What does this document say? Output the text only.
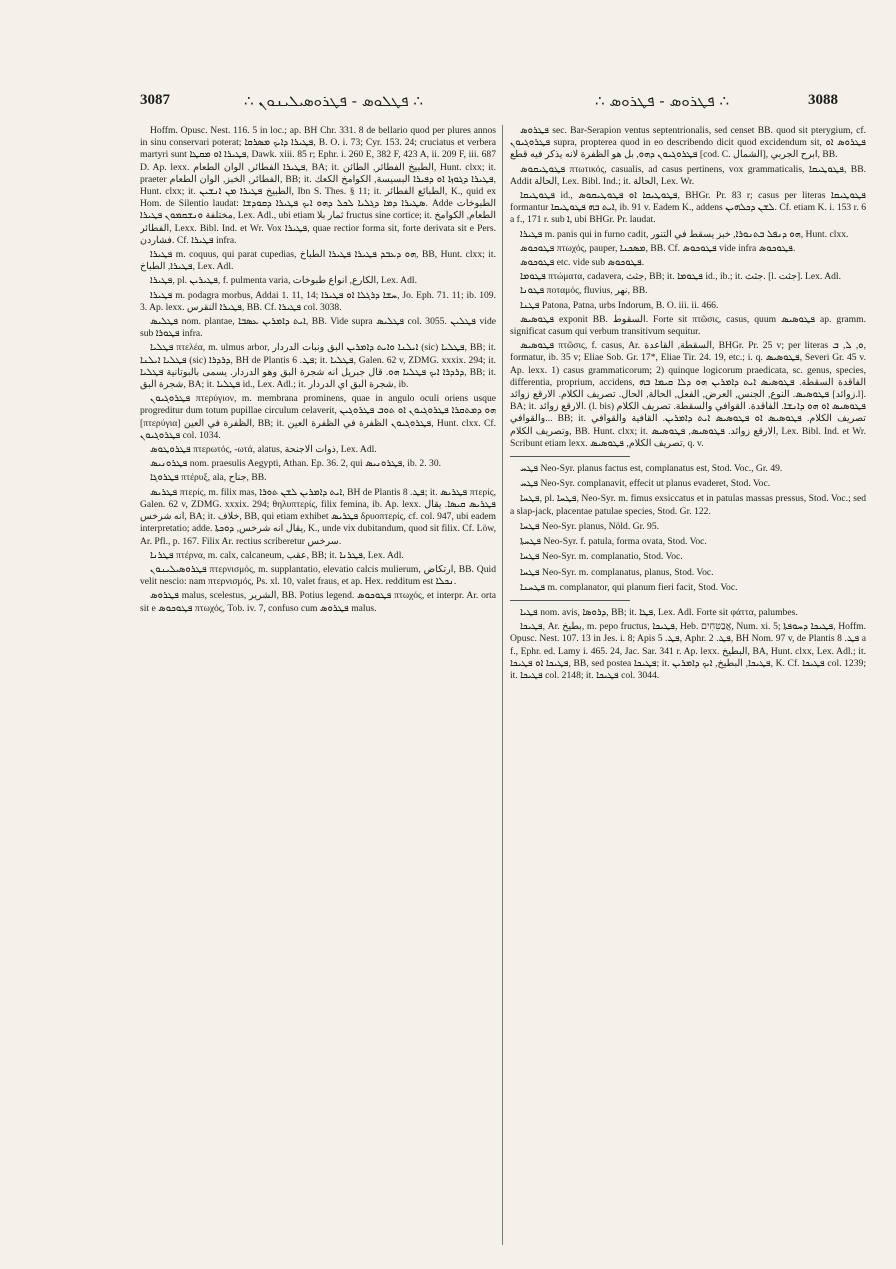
3087	∴ ܦܛܠܘܣ - ܦܛܪܘܣܝܠܝܢܘܢ ∴	∴ ܦܛܪܘܣ - ܦܛܪܘܣ ∴	3088

Hoffm. Opusc. Nest. 116. 5 in loc.; ap. BH Chr. 331. 8 de bellario quod per plures annos in sinu conservari poterat; ܦܛܝܪܐ ܕܐܝܟ ܡܣܪܩܐ, B. O. i. 73; Cyr. 153. 24; cruciatus et verbera martyri sunt ܦܛܝܪܐ ܐܘ ܡܩܛܐ, Dawk. xiii. 85 r; Ephr. i. 260 E, 382 F, 423 A, ii. 209 F, iii. 687 D. Ap. lexx. ܦܛܝܪܐ الفطائر, الوان الطعام, BA; it. الطبيخ الفطائر, الطائن, Hunt. clxx; it. praeter الفطائر, الخبز, الوان الطعام, BB; it. ܦܛܝܪܐ ܕܓܘܙܐ ܐܘ ܕܦܝܪܐ البسيسة, الكوامخ الكعك, Hunt. clxx; it. الطبيخ ܦܛܝܪܐ ܡܢ ܐܢܫܝܢ, Ibn S. Thes. § 11; it. الطبائع الفطائر, K., quid ex Hom. de Silentio laudat: ܣܛܝܪܐ ܕܡܐ ܕܓܠܝܐ ܠܟܠ ܕܗܘ ܐܝܟ ܦܛܝܪܐ ܕܩܘܕܫܐ. Adde الطبوخات مختلفة ܘܢܫܩܡܘܢ ܦܛܝܪܐ, Lex. Adl., ubi etiam ثمار بلا fructus sine cortice; it. الطعام, الكوامخ الفطائر, Lexx. Bibl. Ind. et Wr. Vox ܦܛܝܪܐ, quae rectior forma sit, forte derivata sit e Pers. فشاردن. Cf. ܦܛܝܪܐ infra.

ܦܛܝܪܐ m. coquus, qui parat cupedias, ܗܘ ܕܥܒܕ ܦܛܝܪܐ ܦܛܝܪܐ الطباخ, BB, Hunt. clxx; it. ܦܛܝܪܐ, الطباخ, Lex. Adl.

ܦܛܝܪܐ, pl. ܦܛܝܪܝܢ, f. pulmenta varia, الكارع, انواع طبوخات, Lex. Adl.

ܦܛܝܪܐ m. podagra morbus, Addai 1. 11, 14; ܚܫܐ ܕܪܓܠܐ ܐܘ ܦܛܝܪܐ, Jo. Eph. 71. 11; ib. 109. 3. Ap. lexx. ܦܛܝܪܐ النقرس, BB. Cf. ܦܛܝܪܐ col. 3038.

ܦܛܠܝܣ nom. plantae, ܐܝܬ ܕܐܡܪܝܢ ܥܣܒܐ, BB. Vide supra ܦܛܠܝܣ col. 3055. ܦܛܠܝܢ vide sub ܦܛܘܪܐ infra.

ܦܛܠܝܐ πτελέα, m. ulmus arbor, ܐܝܠܢܐ ܘܐܝܬ ܕܐܡܪܝܢ البق ونبات الدردار (sic) ܦܛܠܝܐ, BB; it. ܦܛܠܝܐ ܐܝܠܢܐ (sic) ܕܪܕܪܐ, BH de Plantis ܦܛ. 6; it. ܦܛܠܝܐ, Galen. 62 v, ZDMG. xxxix. 294; it. ܕܪܕܪܐ ܐܝܟ ܦܛܠܝܐ ܗܘ. قال جبريل انه شجرة البق وهو الدردار. يسمى بالبوتانية ܦܛܠܝܐ, BB; it. شجرة البق, BA; it. ܦܛܠܝܐ id., Lex. Adl.; it. شجرة البق اي الدردار, ib.

ܦܛܪܘܓܝܘܢ πτερύγιον, m. membrana prominens, quae in angulo oculi oriens usque progreditur dum totum pupillae circulum celaverit, ܗܘ ܕܡܬܩܪܐ ܦܛܪܘܓܝܘܢ ܐܘ ܬܘܒ ܦܛܪܘܓܝܢ [πτερύγια] الظفرة في العين, BB; it. ܦܛܪܘܓܝܘܢ الظفرة في الظفرة العين, Hunt. clxx. Cf. ܦܛܪܘܓܝܘܢ col. 1034.

ܦܛܪܘܛܘܣ πτερωτός, -ωτά, alatus, ذوات الاجنحة, Lex. Adl.

ܦܛܪܘܢܝܣ nom. praesulis Aegypti, Athan. Ep. 36. 2, qui ܦܛܪܘܢܝܣ, ib. 2. 30.

ܦܛܪܘܓܐ πτέρυξ, ala, جناح, BB.

ܦܛܪܝܣ πτερίς, m. filix mas, ܐܝܬ ܕܐܡܪܝܢ ܠܫܢ ܬܘܪܐ, BH de Plantis ܦܛ. 8; it. ܦܛܪܝܣ πτερίς, Galen. 62 v, ZDMG. xxxix. 294; θηλυπτερίς, filix femina, ib. Ap. lexx. ܦܛܪܝܣ ܩܝܣܐ. يقال انه شرخس, BA; it. خلاف, BB, qui etiam exhibet ܦܛܪܝܣ δρυοπτερίς, cf. col. 947, ubi eadem interpretatio; adde. يقال انه شرخس, ܕܘܟܬܐ, K., unde vix dubitandum, quod sit filix. Cf. Löw, Ar. Pfl., p. 167. Filix Ar. rectius scriberetur سرخس.

ܦܛܪܢܐ πτέρνα, m. calx, calcaneum, عقب, BB; it. ܦܛܪܢܐ, Lex. Adl.

ܦܛܪܘܣܝܠܝܢܘܢ πτερνισμός, m. supplantatio, elevatio calcis mulierum, ارتكاض, BB. Quid velit nescio: nam πτερνισμός, Ps. xl. 10, valet fraus, et ap. Hex. redditum est ܢܟܠܐ.

ܦܛܪܘܣ malus, scelestus, الشرير, BB. Potius legend. ܦܛܘܟܘܣ πτωχός, et interpr. Ar. orta sit e ܦܛܘܟܘܣ πτωχός, Tob. iv. 7, confuso cum ܦܛܪܘܣ malus.

ܦܛܪܘܣ sec. Bar-Serapion ventus septentrionalis, sed censet BB. quod sit pterygium, cf. ܦܛܪܘܓܝܘܢ supra, propterea quod in eo describendo dicit quod excidendum sit, ܦܛܪܘܣ ܐܘ ܦܛܪܘܓܝܘܢ ܕܗܘ, بل هو الظفرة لانه يذكر فيه قطع [cod. C. الشمال], ابرح الجربي, BB.

ܦܛܘܛܝܩܘܣ πτωτικός, casualis, ad casus pertinens, vox grammaticalis, ܦܛܘܛܝܩܐ, BB. Addit الحالة, Lex. Bibl. Ind.; it. الحالة, Lex. Wr.

ܦܛܘܛܝܩܐ id., ܦܛܘܛܝܩܐ ܐܘ ܦܛܘܛܝܩܘܣ, BHGr. Pr. 83 r; casus per literas ܦܛܘܛܝܩܐ formantur ܐܝܬ ܒܗ ܦܛܘܛܝܩܐ, ib. 91 v. Eadem K., addens ܠܫܢ ܕܟܠܗܝܢ. Cf. etiam K. i. 153 r. 6 a f., 171 r. sub ܐ, ubi BHGr. Pr. laudat.

ܦܛܝܪܐ m. panis qui in furno cadit, ܗܘ ܕܢܦܠ ܒܬܢܘܪܐ, خبز يسقط في التنور, Hunt. clxx.

ܦܛܘܟܘܣ πτωχός, pauper, ܡܣܟܢܐ, BB. Cf. ܦܛܘܟܘܣ vide infra ܦܛܘܟܘܣ.

ܦܛܘܟܘܣ etc. vide sub ܦܛܘܟܘܣ.

ܦܛܘܡܐ πτώματα, cadavera, جثث, BB; it. ܦܛܘܡܐ id., ib.; it. جثث. [l. جثت]. Lex. Adl.

ܦܛܘܢܐ ποταμός, fluvius, نهر, BB.

ܦܛܢܐ Patona, Patna, urbs Indorum, B. O. iii. ii. 466.

ܦܛܘܣܝܣ exponit BB. السقوط. Forte sit πτῶσις, casus, quum ܦܛܘܣܝܣ ap. gramm. significat casum qui verbum transitivum sequitur.

ܦܛܘܣܝܣ πτῶσις, f. casus, Ar. السقطة, القاعدة, BHGr. Pr. 25 v; per literas ܘ, ܠ, ܒ, formatur, ib. 35 v; Eliae Sob. Gr. 17*, Eliae Tir. 24. 19, etc.; i. q. ܦܛܘܣܝܣ, Severi Gr. 45 v. Ap. lexx. 1) casus grammaticorum; 2) quinque logicorum praedicata, sc. genus, species, differentia, proprium, accidens, الفاقدة السقطة. ܦܛܘܣܝܣ ܐܝܬ ܕܐܡܪܝܢ ܗܘ ܕܠܐ ܩܝܡܐ ܒܗ ܦܛܘܣܝܣ. النوع, الجنس, العرض, الفعل, الحالة, الحال. تصريف الكلام. الارقع زوائد [زوائد.l]. BA; it. الارقع زوائد. (l. bis) ܦܛܘܣܝܣ ܐܘ ܗܘ ܕܐܢܫܐ. الفاقدة. القوافي والسقطة. تصريف الكلام والقوافي... BB; it. تصريف الكلام. ܦܛܘܣܝܣ ܐܘ ܦܛܘܣܝܣ ܐܝܬ ܕܐܡܪܝܢ. القافية والقوافي وتصريف الكلام, BB. Hunt. clxx; it. الارقع زوائد. ܦܛܘܣܝܣ, ܦܛܘܣܝܣ, Lex. Bibl. Ind. et Wr. Scribunt etiam lexx. تصريف الكلام, ܦܛܘܣܝܣ, q. v.

ܦܛܚ Neo-Syr. planus factus est, complanatus est, Stod. Voc., Gr. 49.

ܦܛܚ Neo-Syr. complanavit, effecit ut planus evaderet, Stod. Voc.

ܦܛܚܐ, pl. ܦܛܚܐ, Neo-Syr. m. fimus exsiccatus et in patulas massas pressus, Stod. Voc.; sed a slap-jack, placentae patulae species, Stod. Gr. 122.

ܦܛܚܐ Neo-Syr. planus, Nöld. Gr. 95.

ܦܛܚܬܐ Neo-Syr. f. patula, forma ovata, Stod. Voc.

ܦܛܚܐ Neo-Syr. m. complanatio, Stod. Voc.

ܦܛܚܐ Neo-Syr. m. complanatus, planus, Stod. Voc.

ܦܛܚܢܐ m. complanator, qui planum fieri facit, Stod. Voc.

ܦܛܝܐ nom. avis, ܕܪܘܣܐ, BB; it. ܦܛܐ, Lex. Adl. Forte sit φάττα, palumbes.

ܦܛܝܟܐ, Ar. بطيخ, m. pepo fructus, ܦܛܝܟܐ, Heb. אֲבַטִּחִים, Num. xi. 5; ܦܛܝܟܐ ܕܚܘܦܬܐ, Hoffm. Opusc. Nest. 107. 13 in Jes. i. 8; Apis ܦܛ. 5, Aphr. ܦܛ. 2, BH Nom. 97 v, de Plantis ܦܛ. 8 a f., Ephr. ed. Lamy i. 465. 24, Jac. Sar. 341 r. Ap. lexx. البطيخ, BA, Hunt. clxx, Lex. Adl.; it. ܦܛܝܟܐ ܐܘ ܦܛܝܟܐ, BB, sed postea ܦܛܝܟܐ; it. ܦܛܝܟܐ, البطيخ, ܐܝܟ ܕܐܡܪܝܢ, K. Cf. ܦܛܝܟܐ col. 1239; it. ܦܛܝܟܐ col. 2148; it. ܦܛܝܟܐ col. 3044.
